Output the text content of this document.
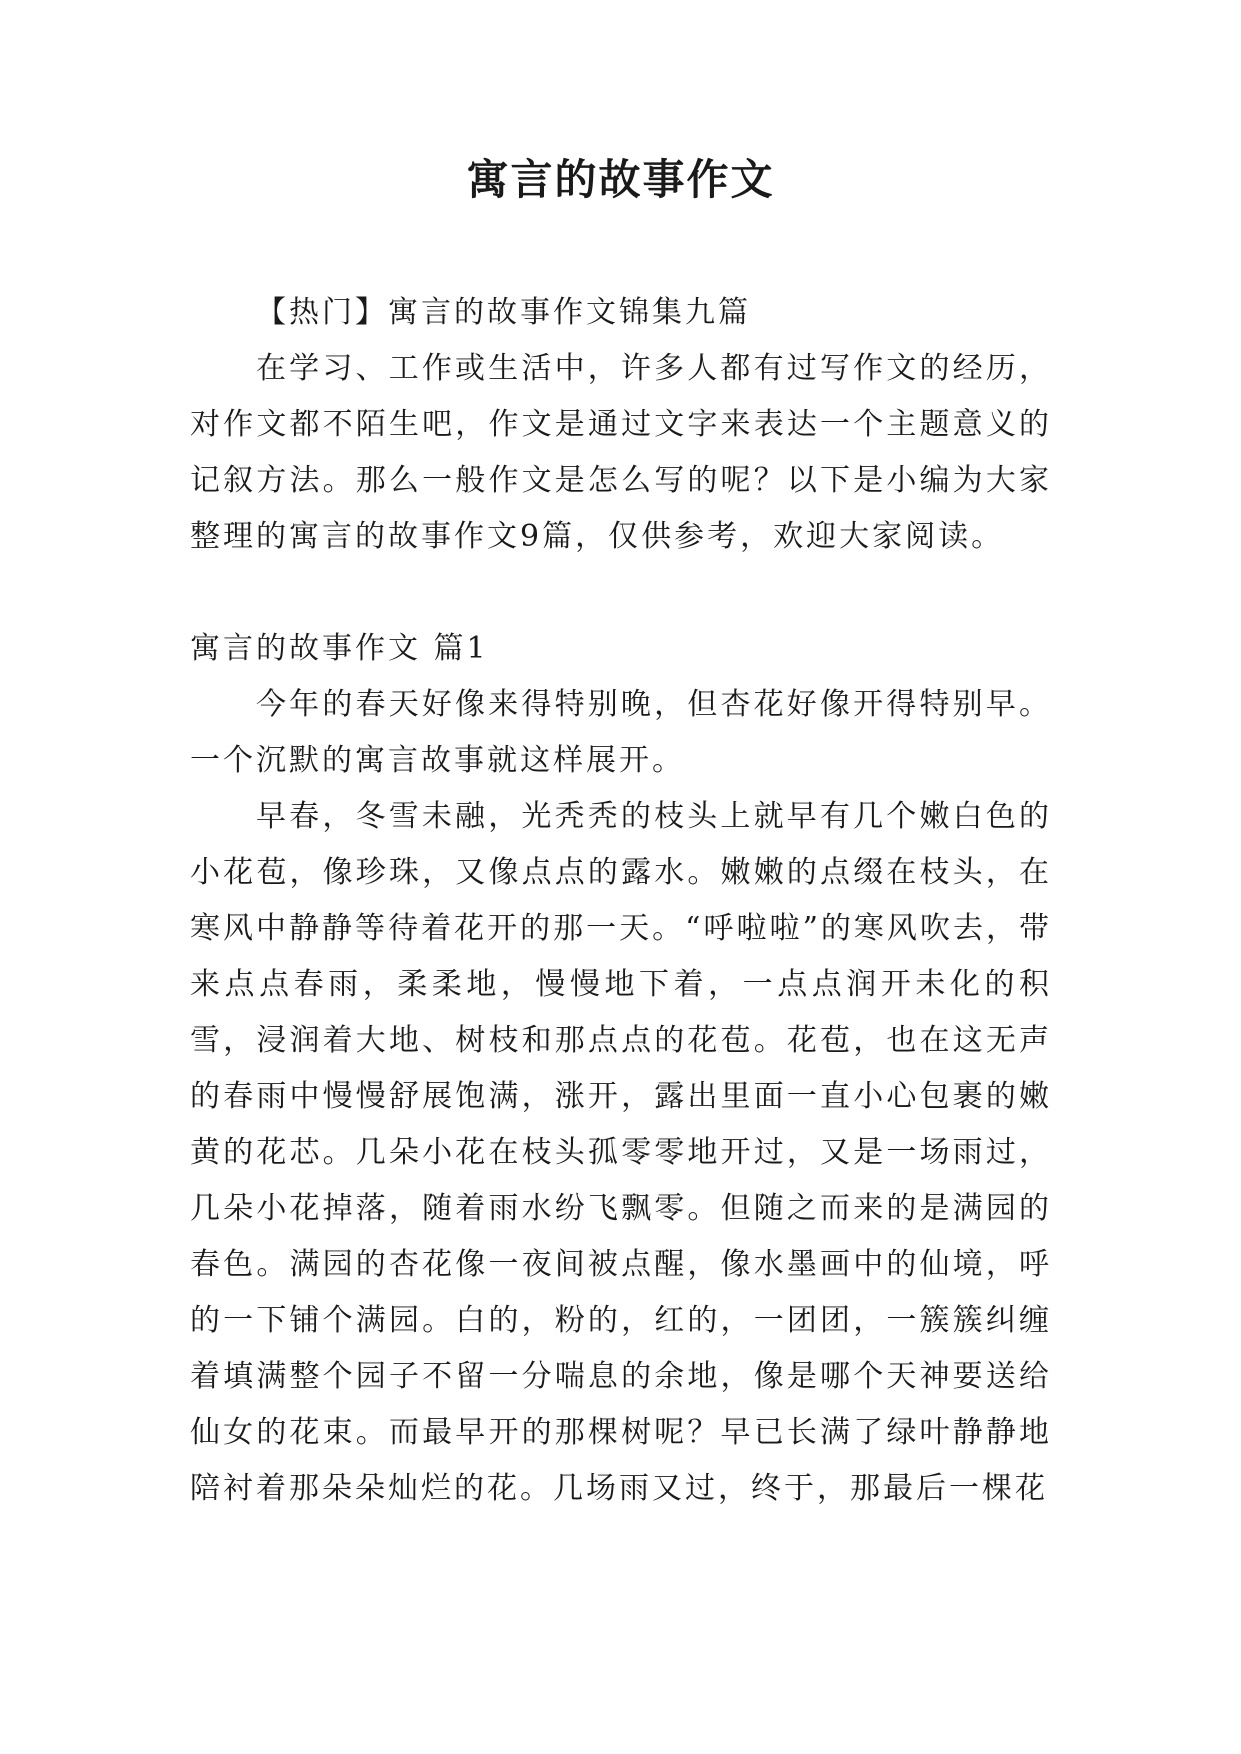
寓言的故事作文

【热门】寓言的故事作文锦集九篇

在学习、工作或生活中，许多人都有过写作文的经历，对作文都不陌生吧，作文是通过文字来表达一个主题意义的记叙方法。那么一般作文是怎么写的呢？以下是小编为大家整理的寓言的故事作文9篇，仅供参考，欢迎大家阅读。

寓言的故事作文 篇1

今年的春天好像来得特别晚，但杏花好像开得特别早。一个沉默的寓言故事就这样展开。

早春，冬雪未融，光秃秃的枝头上就早有几个嫩白色的小花苞，像珍珠，又像点点的露水。嫩嫩的点缀在枝头，在寒风中静静等待着花开的那一天。“呼啦啦”的寒风吹去，带来点点春雨，柔柔地，慢慢地下着，一点点润开未化的积雪，浸润着大地、树枝和那点点的花苞。花苞，也在这无声的春雨中慢慢舒展饱满，涨开，露出里面一直小心包裹的嫩黄的花芯。几朵小花在枝头孤零零地开过，又是一场雨过，几朵小花掉落，随着雨水纷飞飘零。但随之而来的是满园的春色。满园的杏花像一夜间被点醒，像水墨画中的仙境，呼的一下铺个满园。白的，粉的，红的，一团团，一簇簇纠缠着填满整个园子不留一分喘息的余地，像是哪个天神要送给仙女的花束。而最早开的那棵树呢？早已长满了绿叶静静地陪衬着那朵朵灿烂的花。几场雨又过，终于，那最后一棵花
